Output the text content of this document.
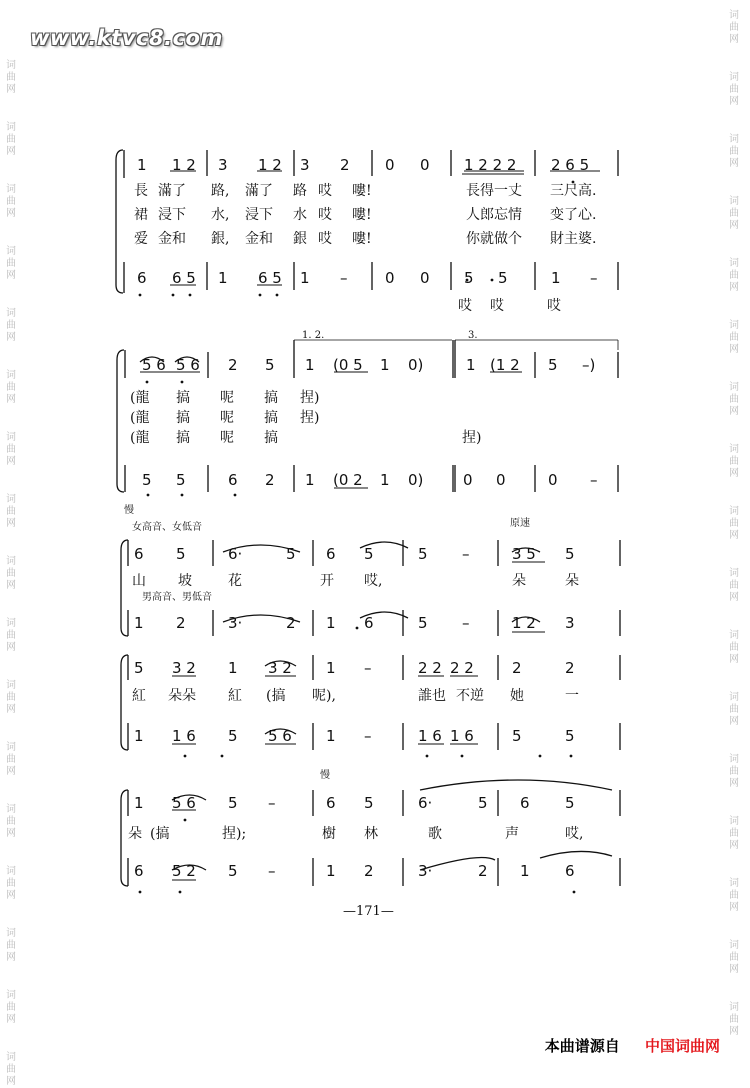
www.ktvc8.com
词
曲
网
词
曲
网
词
曲
网
词
曲
网
词
曲
网
词
曲
网
词
曲
网
词
曲
网
词
曲
网
词
曲
网
词
曲
网
词
曲
网
词
曲
网
词
曲
网
词
曲
网
词
曲
网
词
曲
网
词
曲
网
词
曲
网
词
曲
网
词
曲
网
词
曲
网
词
曲
网
词
曲
网
词
曲
网
词
曲
网
词
曲
网
词
曲
网
词
曲
网
词
曲
网
词
曲
网
词
曲
网
词
曲
网
词
曲
网
1 1 2 3 1 2 3 2 0 0 1 2 2 2 2 6 5
長 滿了 路, 滿了 路 哎 嘍!	長得一丈 三尺高.
裙 浸下 水, 浸下 水 哎 嘍!	人郎忘情 变了心.
爱 金和 銀, 金和 銀 哎 嘍!	你就做个 財主婆.
6 6 5 1 6 5 1 –	0 0 5 5	1 –
哎 哎	哎
1. 2.	3.
5 6 5 6 2 5 1 (0 5 1 0)	1 (1 2 5 –)
(龍 搞 呢 搞 捏)
(龍 搞 呢 搞 捏)
(龍 搞 呢 搞	捏)
5 5	6 2 1 (0 2 1 0)	0 0	0 –
慢
原速
女高音、女低音
男高音、男低音
6 5	6·	5 6 5	5 –	3 5 5
山 坡	花	开 哎,	朵	朵
1 2	3·	2 1 6	5 –	1 2 3
5 3 2 1 3 2 1 –	2 2 2 2	2	2
紅 朵朵 紅 (搞 呢),	誰也 不逆 她	一
1 1 6 5 5 6 1 –	1 6 1 6	5	5
慢
1 5 6 5 –	6 5	6·	5 6 5
朵 (搞	捏);	樹 林	歌	声	哎,
6 5 2 5 –	1 2	3·	2 1 6
—171—
本曲谱源自 中国词曲网
